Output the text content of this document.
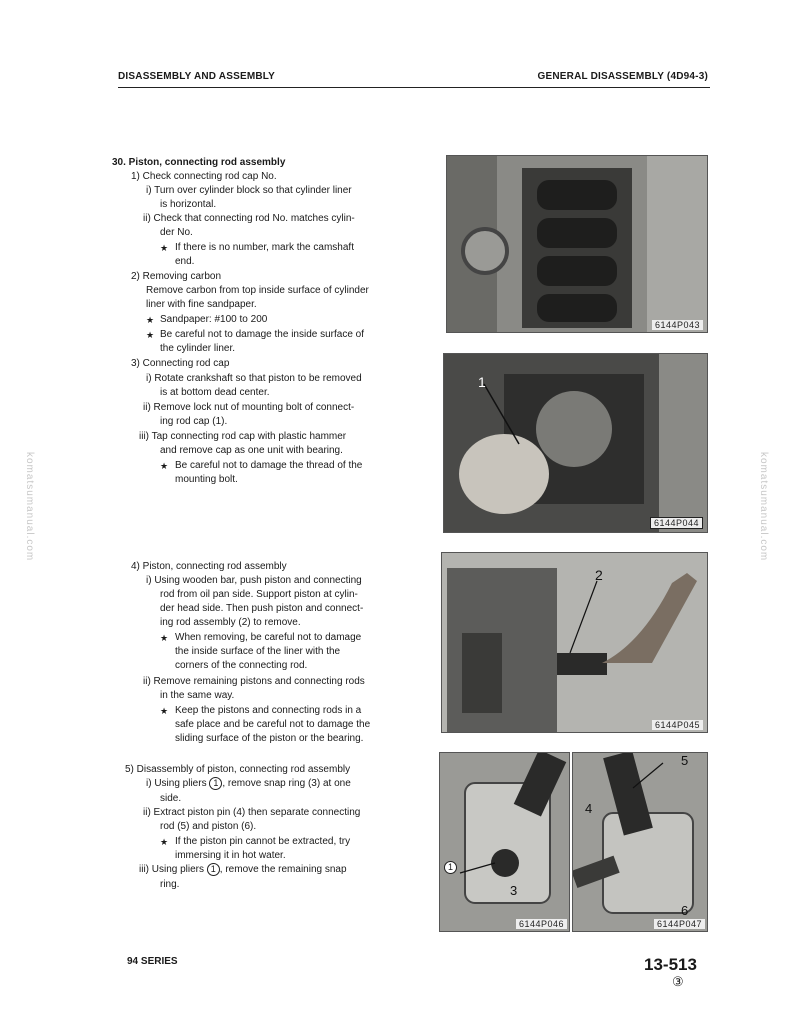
DISASSEMBLY AND ASSEMBLY	GENERAL DISASSEMBLY (4D94-3)
komatsumanual.com	komatsumanual.com
30. Piston, connecting rod assembly
1) Check connecting rod cap No.
i) Turn over cylinder block so that cylinder liner
is horizontal.
ii) Check that connecting rod No. matches cylin-
der No.
★
If there is no number, mark the camshaft
end.
2) Removing carbon
Remove carbon from top inside surface of cylinder
liner with fine sandpaper.
★
Sandpaper: #100 to 200
★
Be careful not to damage the inside surface of
the cylinder liner.
3) Connecting rod cap
i) Rotate crankshaft so that piston to be removed
is at bottom dead center.
ii) Remove lock nut of mounting bolt of connect-
ing rod cap (1).
iii) Tap connecting rod cap with plastic hammer
and remove cap as one unit with bearing.
★
Be careful not to damage the thread of the
mounting bolt.
4) Piston, connecting rod assembly
i) Using wooden bar, push piston and connecting
rod from oil pan side. Support piston at cylin-
der head side. Then push piston and connect-
ing rod assembly (2) to remove.
★
When removing, be careful not to damage
the inside surface of the liner with the
corners of the connecting rod.
ii) Remove remaining pistons and connecting rods
in the same way.
★
Keep the pistons and connecting rods in a
safe place and be careful not to damage the
sliding surface of the piston or the bearing.
5) Disassembly of piston, connecting rod assembly
i) Using pliers 1 , remove snap ring (3) at one
side.
ii) Extract piston pin (4) then separate connecting
rod (5) and piston (6).
★
If the piston pin cannot be extracted, try
immersing it in hot water.
iii) Using pliers 1 , remove the remaining snap
ring.
6144P043
1
6144P044
2
6144P045
1
3
6144P046
5
4
6
6144P047
94 SERIES	13-513
③
